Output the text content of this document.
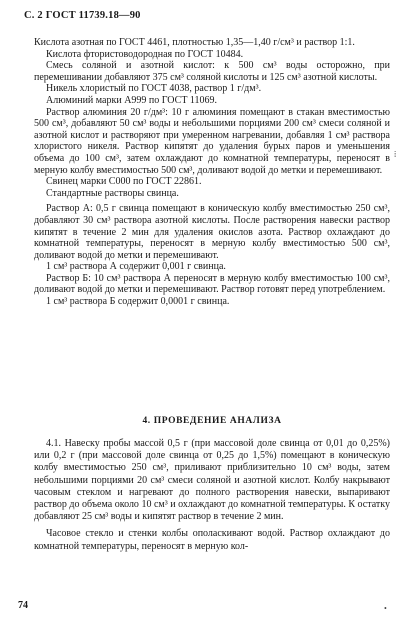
С. 2 ГОСТ 11739.18—90

Кислота азотная по ГОСТ 4461, плотностью 1,35—1,40 г/см³ и раствор 1:1.

Кислота фтористоводородная по ГОСТ 10484.

Смесь соляной и азотной кислот: к 500 см³ воды осторожно, при перемешивании добавляют 375 см³ соляной кислоты и 125 см³ азотной кислоты.

Никель хлористый по ГОСТ 4038, раствор 1 г/дм³.

Алюминий марки А999 по ГОСТ 11069.

Раствор алюминия 20 г/дм³: 10 г алюминия помещают в стакан вместимостью 500 см³, добавляют 50 см³ воды и небольшими порциями 200 см³ смеси соляной и азотной кислот и растворяют при умеренном нагревании, добавляя 1 см³ раствора хлористого никеля. Раствор кипятят до удаления бурых паров и уменьшения объема до 100 см³, затем охлаждают до комнатной температуры, переносят в мерную колбу вместимостью 500 см³, доливают водой до метки и перемешивают.

Свинец марки С000 по ГОСТ 22861.

Стандартные растворы свинца.

Раствор А: 0,5 г свинца помещают в коническую колбу вместимостью 250 см³, добавляют 30 см³ раствора азотной кислоты. После растворения навески раствор кипятят в течение 2 мин для удаления окислов азота. Раствор охлаждают до комнатной температуры, переносят в мерную колбу вместимостью 500 см³, доливают водой до метки и перемешивают.

1 см³ раствора А содержит 0,001 г свинца.

Раствор Б: 10 см³ раствора А переносят в мерную колбу вместимостью 100 см³, доливают водой до метки и перемешивают. Раствор готовят перед употреблением.

1 см³ раствора Б содержит 0,0001 г свинца.

4. ПРОВЕДЕНИЕ АНАЛИЗА

4.1. Навеску пробы массой 0,5 г (при массовой доле свинца от 0,01 до 0,25%) или 0,2 г (при массовой доле свинца от 0,25 до 1,5%) помещают в коническую колбу вместимостью 250 см³, приливают приблизительно 10 см³ воды, затем небольшими порциями 20 см³ смеси соляной и азотной кислот. Колбу накрывают часовым стеклом и нагревают до полного растворения навески, выпаривают раствор до объема около 10 см³ и охлаждают до комнатной температуры. К остатку добавляют 25 см³ воды и кипятят раствор в течение 2 мин.

Часовое стекло и стенки колбы ополаскивают водой. Раствор охлаждают до комнатной температуры, переносят в мерную кол-

⁞
•
74
